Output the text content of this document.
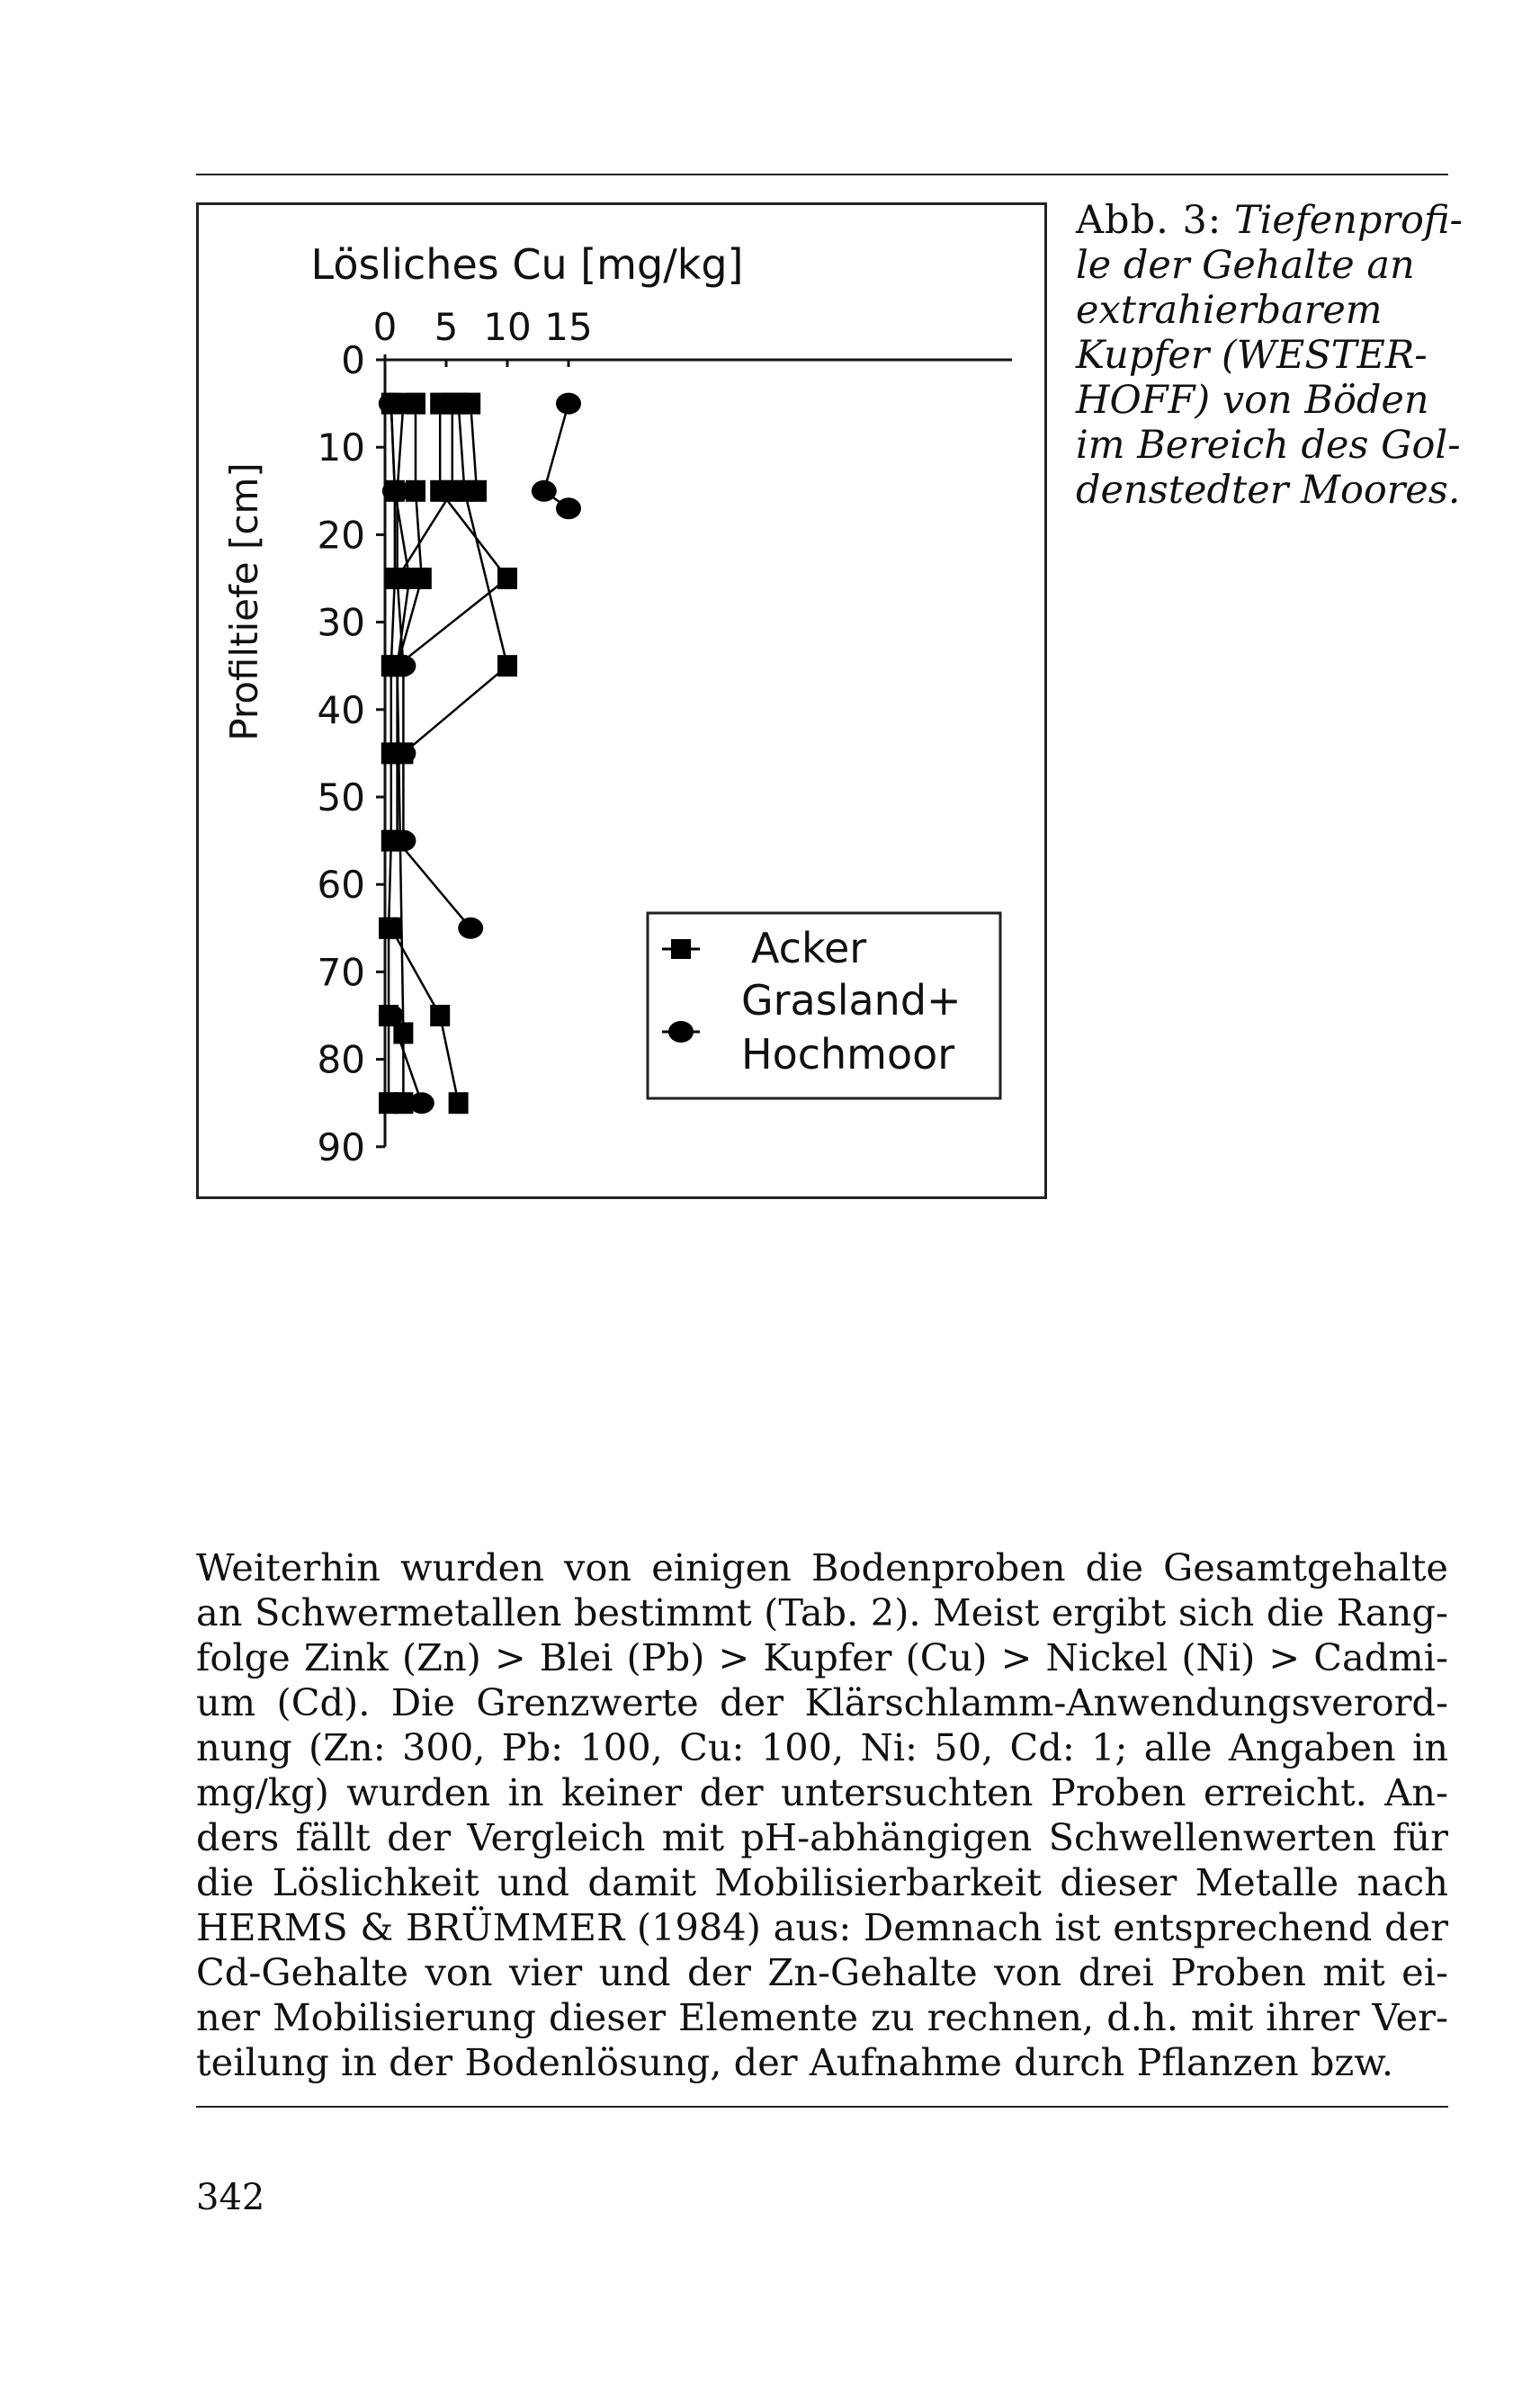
0 5 10 15
0
10
20
30
40
50
60
70
80
90
Lösliches Cu [mg/kg]
Profiltiefe [cm]
Acker
Grasland+
Hochmoor
Abb. 3: Tiefenprofi-
le der Gehalte an
extrahierbarem
Kupfer (WESTER-
HOFF) von Böden
im Bereich des Gol-
denstedter Moores.
Weiterhin wurden von einigen Bodenproben die Gesamtgehalte
an Schwermetallen bestimmt (Tab. 2). Meist ergibt sich die Rang-
folge Zink (Zn) > Blei (Pb) > Kupfer (Cu) > Nickel (Ni) > Cadmi-
um (Cd). Die Grenzwerte der Klärschlamm-Anwendungsverord-
nung (Zn: 300, Pb: 100, Cu: 100, Ni: 50, Cd: 1; alle Angaben in
mg/kg) wurden in keiner der untersuchten Proben erreicht. An-
ders fällt der Vergleich mit pH-abhängigen Schwellenwerten für
die Löslichkeit und damit Mobilisierbarkeit dieser Metalle nach
HERMS & BRÜMMER (1984) aus: Demnach ist entsprechend der
Cd-Gehalte von vier und der Zn-Gehalte von drei Proben mit ei-
ner Mobilisierung dieser Elemente zu rechnen, d.h. mit ihrer Ver-
teilung in der Bodenlösung, der Aufnahme durch Pflanzen bzw.
342
